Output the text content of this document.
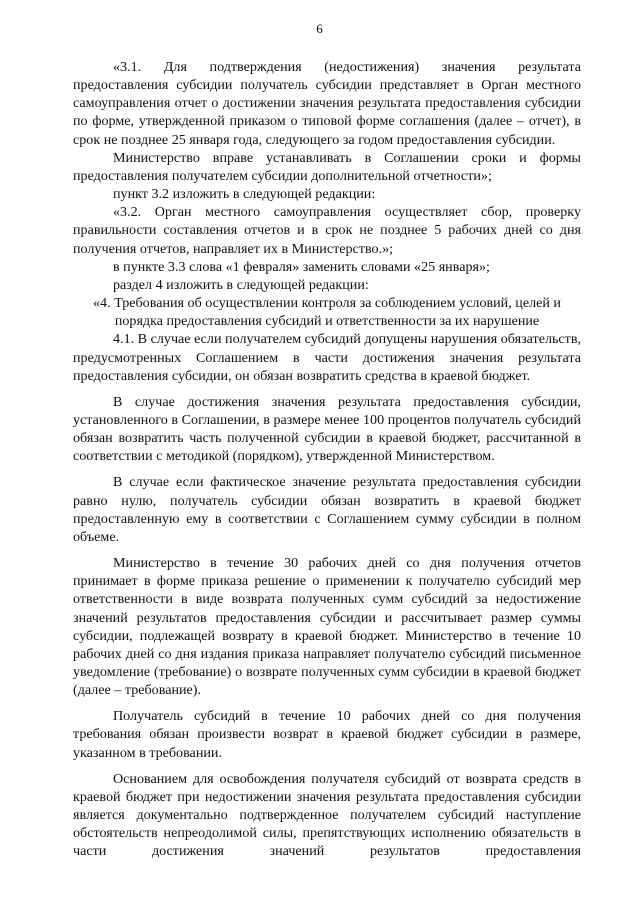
6

«3.1. Для подтверждения (недостижения) значения результата предоставления субсидии получатель субсидии представляет в Орган местного самоуправления отчет о достижении значения результата предоставления субсидии по форме, утвержденной приказом о типовой форме соглашения (далее – отчет), в срок не позднее 25 января года, следующего за годом предоставления субсидии.

Министерство вправе устанавливать в Соглашении сроки и формы предоставления получателем субсидии дополнительной отчетности»;

пункт 3.2 изложить в следующей редакции:

«3.2. Орган местного самоуправления осуществляет сбор, проверку правильности составления отчетов и в срок не позднее 5 рабочих дней со дня получения отчетов, направляет их в Министерство.»;

в пункте 3.3 слова «1 февраля» заменить словами «25 января»;

раздел 4 изложить в следующей редакции:

«4. Требования об осуществлении контроля за соблюдением условий, целей и порядка предоставления субсидий и ответственности за их нарушение

4.1. В случае если получателем субсидий допущены нарушения обязательств, предусмотренных Соглашением в части достижения значения результата предоставления субсидии, он обязан возвратить средства в краевой бюджет.

В случае достижения значения результата предоставления субсидии, установленного в Соглашении, в размере менее 100 процентов получатель субсидий обязан возвратить часть полученной субсидии в краевой бюджет, рассчитанной в соответствии с методикой (порядком), утвержденной Министерством.

В случае если фактическое значение результата предоставления субсидии равно нулю, получатель субсидии обязан возвратить в краевой бюджет предоставленную ему в соответствии с Соглашением сумму субсидии в полном объеме.

Министерство в течение 30 рабочих дней со дня получения отчетов принимает в форме приказа решение о применении к получателю субсидий мер ответственности в виде возврата полученных сумм субсидий за недостижение значений результатов предоставления субсидии и рассчитывает размер суммы субсидии, подлежащей возврату в краевой бюджет. Министерство в течение 10 рабочих дней со дня издания приказа направляет получателю субсидий письменное уведомление (требование) о возврате полученных сумм субсидии в краевой бюджет (далее – требование).

Получатель субсидий в течение 10 рабочих дней со дня получения требования обязан произвести возврат в краевой бюджет субсидии в размере, указанном в требовании.

Основанием для освобождения получателя субсидий от возврата средств в краевой бюджет при недостижении значения результата предоставления субсидии является документально подтвержденное получателем субсидий наступление обстоятельств непреодолимой силы, препятствующих исполнению обязательств в части достижения значений результатов предоставления
